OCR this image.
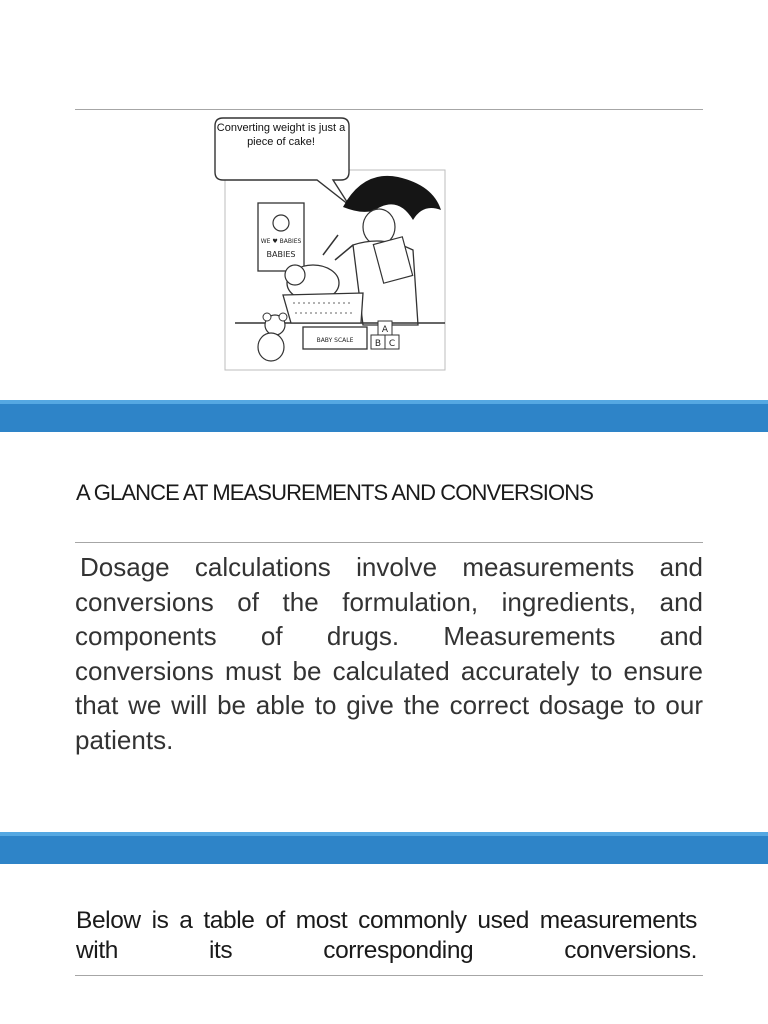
WE ♥ BABIES
BABIES
BABY SCALE
A
B C
Converting weight is just a piece of cake!
A GLANCE AT MEASUREMENTS AND CONVERSIONS
Dosage calculations involve measurements and conversions of the formulation, ingredients, and components of drugs. Measurements and conversions must be calculated accurately to ensure that we will be able to give the correct dosage to our patients.
Below is a table of most commonly used measurements with its corresponding conversions.
